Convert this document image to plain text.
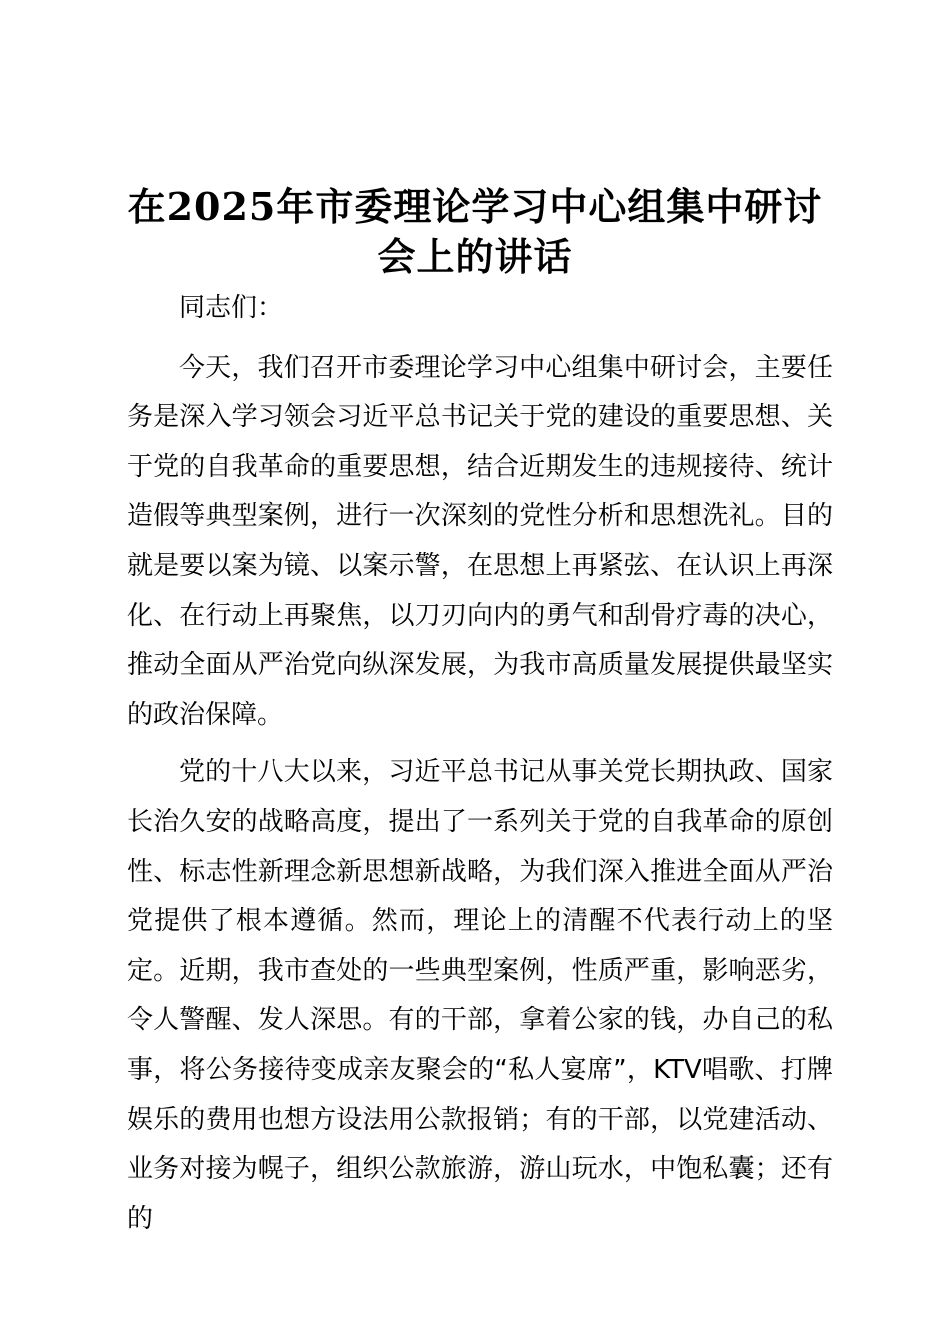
在2025年市委理论学习中心组集中研讨会上的讲话

同志们：

今天，我们召开市委理论学习中心组集中研讨会，主要任务是深入学习领会习近平总书记关于党的建设的重要思想、关于党的自我革命的重要思想，结合近期发生的违规接待、统计造假等典型案例，进行一次深刻的党性分析和思想洗礼。目的就是要以案为镜、以案示警，在思想上再紧弦、在认识上再深化、在行动上再聚焦，以刀刃向内的勇气和刮骨疗毒的决心，推动全面从严治党向纵深发展，为我市高质量发展提供最坚实的政治保障。

党的十八大以来，习近平总书记从事关党长期执政、国家长治久安的战略高度，提出了一系列关于党的自我革命的原创性、标志性新理念新思想新战略，为我们深入推进全面从严治党提供了根本遵循。然而，理论上的清醒不代表行动上的坚定。近期，我市查处的一些典型案例，性质严重，影响恶劣，令人警醒、发人深思。有的干部，拿着公家的钱，办自己的私事，将公务接待变成亲友聚会的“私人宴席”，KTV唱歌、打牌娱乐的费用也想方设法用公款报销；有的干部，以党建活动、业务对接为幌子，组织公款旅游，游山玩水，中饱私囊；还有的
